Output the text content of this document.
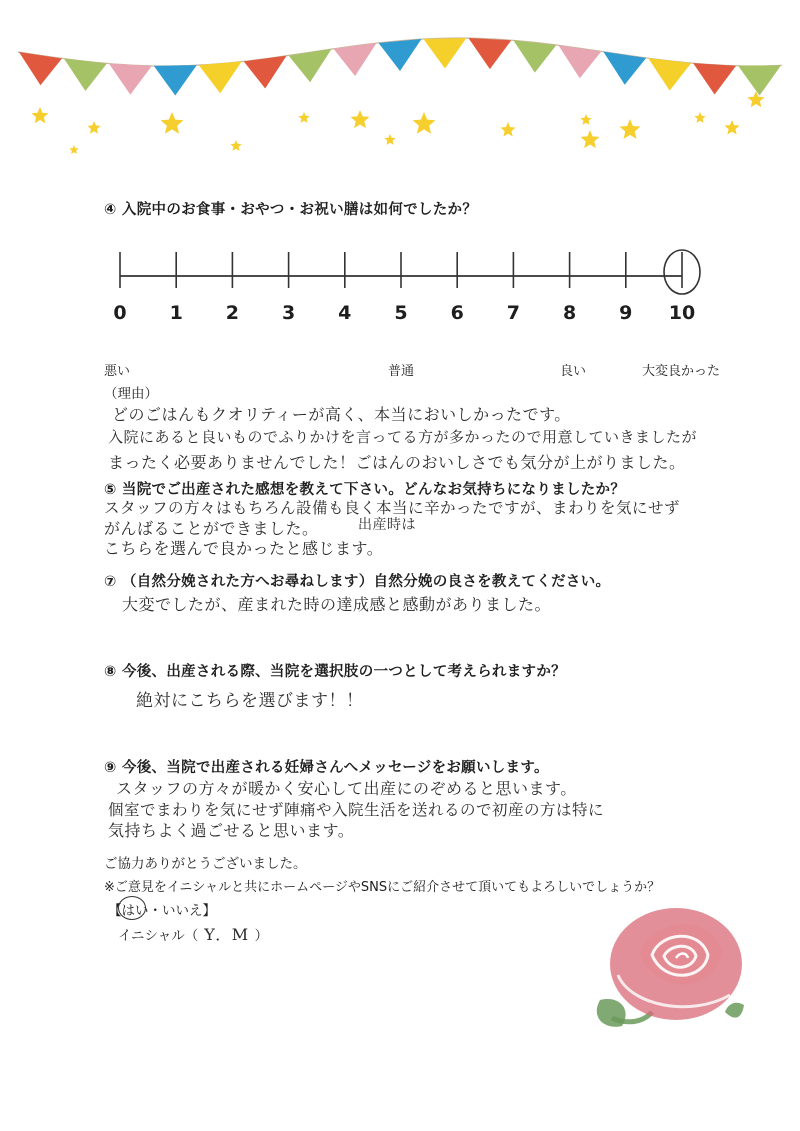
④ 入院中のお食事・おやつ・お祝い膳は如何でしたか？
0 1 2 3 4 5 6 7 8 9 10
悪い	普通	良い	大変良かった
（理由）
どのごはんもクオリティーが高く、本当においしかったです。
入院にあると良いものでふりかけを言ってる方が多かったので用意していきましたが
まったく必要ありませんでした！ごはんのおいしさでも気分が上がりました。
⑤ 当院でご出産された感想を教えて下さい。どんなお気持ちになりましたか？
スタッフの方々はもちろん設備も良く本当に辛かったですが、まわりを気にせず
がんばることができました。	出産時は
こちらを選んで良かったと感じます。
⑦ （自然分娩された方へお尋ねします）自然分娩の良さを教えてください。
大変でしたが、産まれた時の達成感と感動がありました。
⑧ 今後、出産される際、当院を選択肢の一つとして考えられますか？
絶対にこちらを選びます！！
⑨ 今後、当院で出産される妊婦さんへメッセージをお願いします。
スタッフの方々が暖かく安心して出産にのぞめると思います。
個室でまわりを気にせず陣痛や入院生活を送れるので初産の方は特に
気持ちよく過ごせると思います。
ご協力ありがとうございました。
※ご意見をイニシャルと共にホームページやSNSにご紹介させて頂いてもよろしいでしょうか？
【はい・いいえ】
イニシャル（ Y．M ）
